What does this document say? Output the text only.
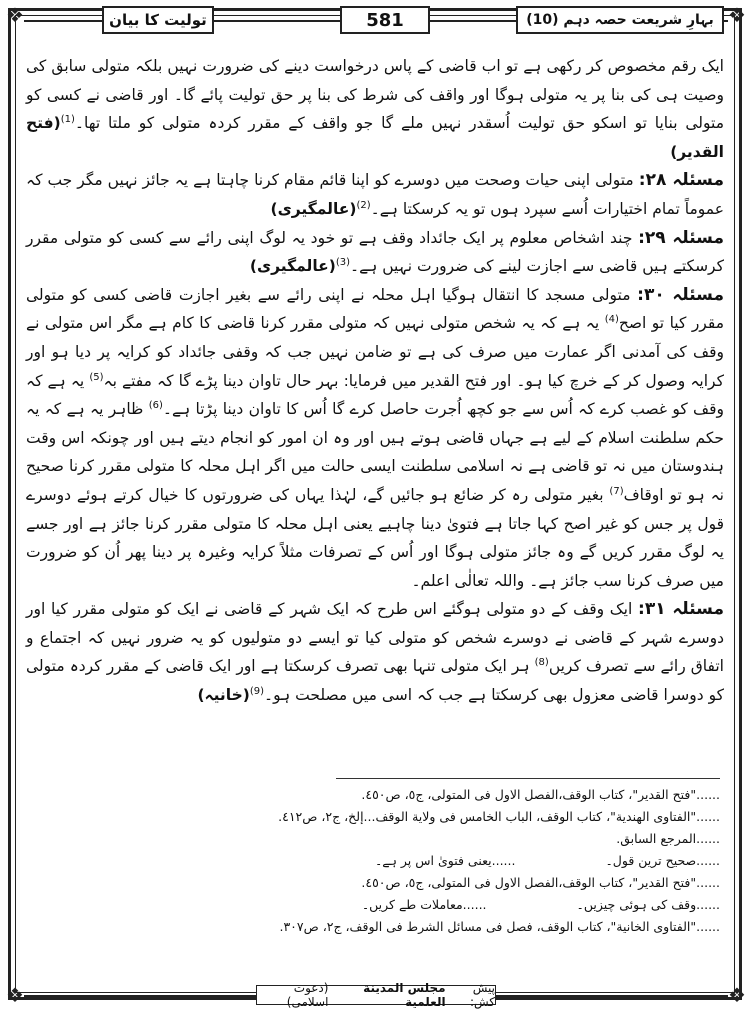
❖	❖
❖	❖
تولیت کا بیان	581	بہارِ شریعت حصہ دہم (10)

ایک رقم مخصوص کر رکھی ہے تو اب قاضی کے پاس درخواست دینے کی ضرورت نہیں بلکہ متولی سابق کی وصیت ہی کی بنا پر یہ متولی ہوگا اور واقف کی شرط کی بنا پر حق تولیت پائے گا۔ اور قاضی نے کسی کو متولی بنایا تو اسکو حق تولیت اُسقدر نہیں ملے گا جو واقف کے مقرر کردہ متولی کو ملتا تھا۔$^{(1)}$(فتح القدیر)

مسئلہ ۲۸: متولی اپنی حیات وصحت میں دوسرے کو اپنا قائم مقام کرنا چاہتا ہے یہ جائز نہیں مگر جب کہ عموماً تمام اختیارات اُسے سپرد ہوں تو یہ کرسکتا ہے۔$^{(2)}$(عالمگیری)

مسئلہ ۲۹: چند اشخاص معلوم پر ایک جائداد وقف ہے تو خود یہ لوگ اپنی رائے سے کسی کو متولی مقرر کرسکتے ہیں قاضی سے اجازت لینے کی ضرورت نہیں ہے۔$^{(3)}$(عالمگیری)

مسئلہ ۳۰: متولی مسجد کا انتقال ہوگیا اہل محلہ نے اپنی رائے سے بغیر اجازت قاضی کسی کو متولی مقرر کیا تو اصح$^{(4)}$ یہ ہے کہ یہ شخص متولی نہیں کہ متولی مقرر کرنا قاضی کا کام ہے مگر اس متولی نے وقف کی آمدنی اگر عمارت میں صرف کی ہے تو ضامن نہیں جب کہ وقفی جائداد کو کرایہ پر دیا ہو اور کرایہ وصول کر کے خرچ کیا ہو۔ اور فتح القدیر میں فرمایا: بہر حال تاوان دینا پڑے گا کہ مفتے بہ$^{(5)}$ یہ ہے کہ وقف کو غصب کرے کہ اُس سے جو کچھ اُجرت حاصل کرے گا اُس کا تاوان دینا پڑتا ہے۔$^{(6)}$ ظاہر یہ ہے کہ یہ حکم سلطنت اسلام کے لیے ہے جہاں قاضی ہوتے ہیں اور وہ ان امور کو انجام دیتے ہیں اور چونکہ اس وقت ہندوستان میں نہ تو قاضی ہے نہ اسلامی سلطنت ایسی حالت میں اگر اہل محلہ کا متولی مقرر کرنا صحیح نہ ہو تو اوقاف$^{(7)}$ بغیر متولی رہ کر ضائع ہو جائیں گے، لہٰذا یہاں کی ضرورتوں کا خیال کرتے ہوئے دوسرے قول پر جس کو غیر اصح کہا جاتا ہے فتویٰ دینا چاہیے یعنی اہل محلہ کا متولی مقرر کرنا جائز ہے اور جسے یہ لوگ مقرر کریں گے وہ جائز متولی ہوگا اور اُس کے تصرفات مثلاً کرایہ وغیرہ پر دینا پھر اُن کو ضرورت میں صرف کرنا سب جائز ہے۔ واللہ تعالٰی اعلم۔

مسئلہ ۳۱: ایک وقف کے دو متولی ہوگئے اس طرح کہ ایک شہر کے قاضی نے ایک کو متولی مقرر کیا اور دوسرے شہر کے قاضی نے دوسرے شخص کو متولی کیا تو ایسے دو متولیوں کو یہ ضرور نہیں کہ اجتماع و اتفاق رائے سے تصرف کریں$^{(8)}$ ہر ایک متولی تنہا بھی تصرف کرسکتا ہے اور ایک قاضی کے مقرر کردہ متولی کو دوسرا قاضی معزول بھی کرسکتا ہے جب کہ اسی میں مصلحت ہو۔$^{(9)}$(خانیہ)

......"فتح القدير"، كتاب الوقف،الفصل الاول فى المتولى، ج٥، ص٤٥٠.
......"الفتاوى الهندية"، كتاب الوقف، الباب الخامس فى ولاية الوقف...إلخ، ج٢، ص٤١٢.
......المرجع السابق.
......صحیح ترین قول۔......یعنی فتویٰ اس پر ہے۔
......"فتح القدير"، كتاب الوقف،الفصل الاول فى المتولى، ج٥، ص٤٥٠.
......وقف کی ہوئی چیزیں۔......معاملات طے کریں۔
......"الفتاوى الخانية"، كتاب الوقف، فصل فى مسائل الشرط فى الوقف، ج٢، ص٣٠٧.
پیش کش:

مجلس المدینة العلمیة

(دعوت اسلامی)
